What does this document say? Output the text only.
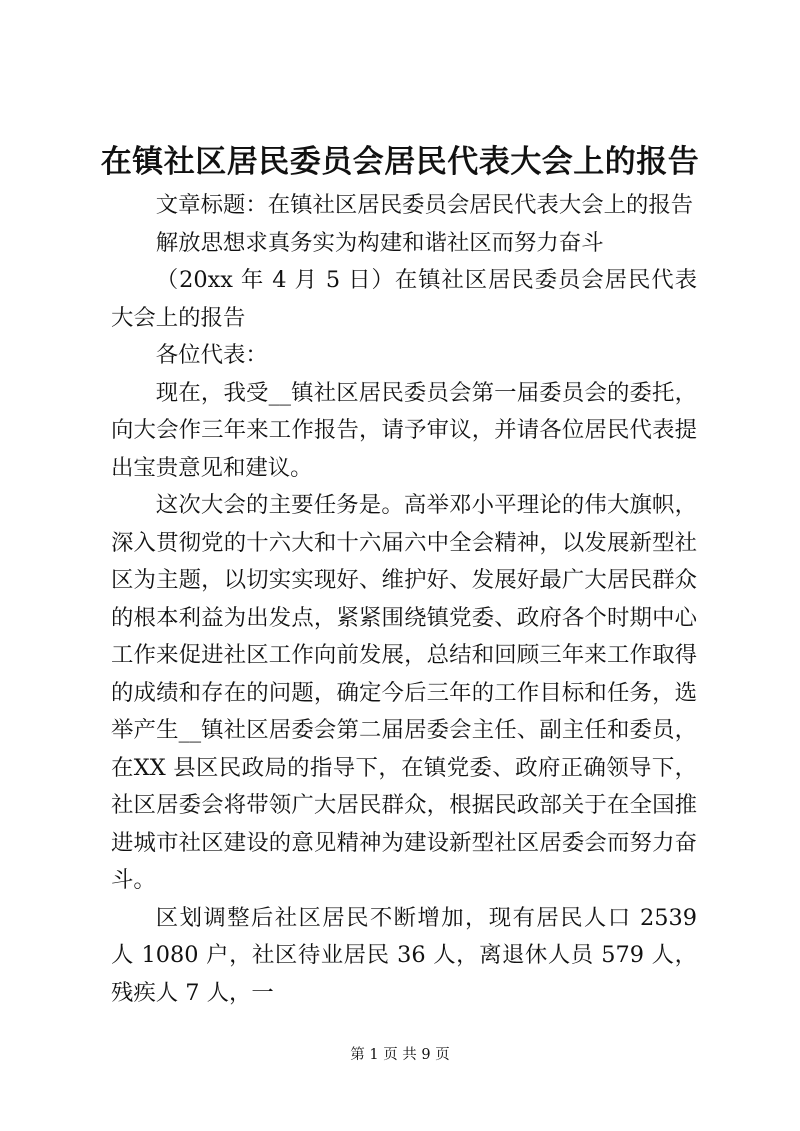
在镇社区居民委员会居民代表大会上的报告

文章标题：在镇社区居民委员会居民代表大会上的报告

解放思想求真务实为构建和谐社区而努力奋斗

（20xx 年 4 月 5 日）在镇社区居民委员会居民代表大会上的报告

各位代表：

现在，我受__镇社区居民委员会第一届委员会的委托，向大会作三年来工作报告，请予审议，并请各位居民代表提出宝贵意见和建议。

这次大会的主要任务是。高举邓小平理论的伟大旗帜，深入贯彻党的十六大和十六届六中全会精神，以发展新型社区为主题，以切实实现好、维护好、发展好最广大居民群众的根本利益为出发点，紧紧围绕镇党委、政府各个时期中心工作来促进社区工作向前发展，总结和回顾三年来工作取得的成绩和存在的问题，确定今后三年的工作目标和任务，选举产生__镇社区居委会第二届居委会主任、副主任和委员，在XX 县区民政局的指导下，在镇党委、政府正确领导下，社区居委会将带领广大居民群众，根据民政部关于在全国推进城市社区建设的意见精神为建设新型社区居委会而努力奋斗。

区划调整后社区居民不断增加，现有居民人口 2539 人 1080 户，社区待业居民 36 人，离退休人员 579 人，残疾人 7 人，一

第 1 页 共 9 页
